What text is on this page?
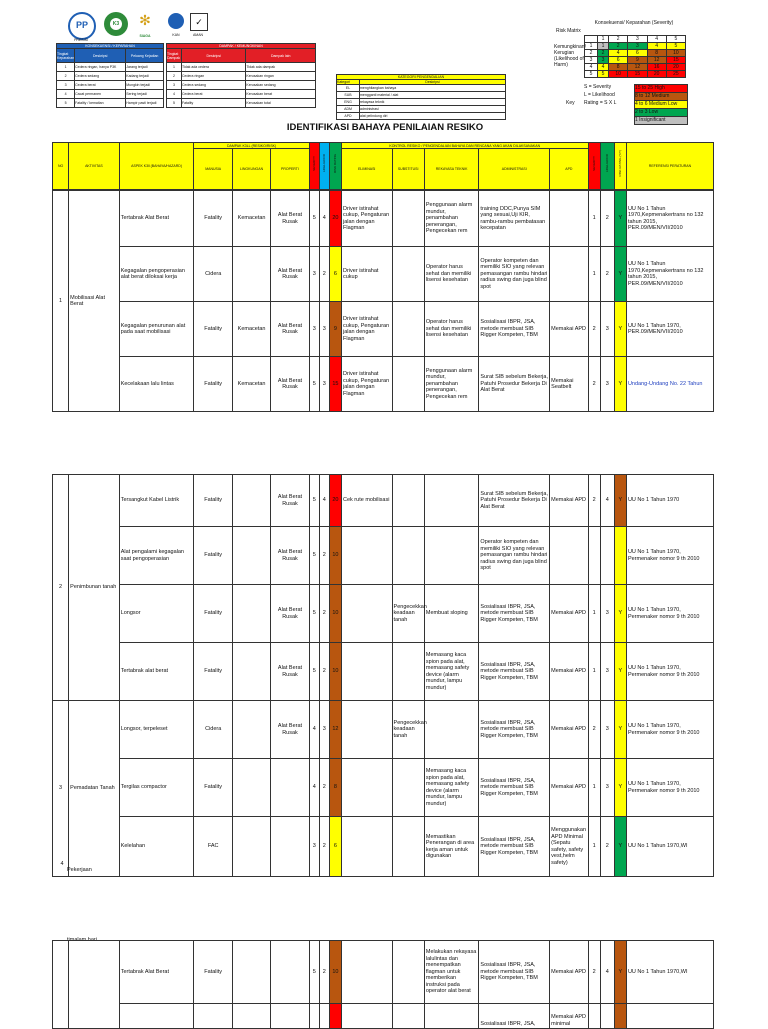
PP
PRESISI
K3	✻
SIAGA	KAN
✓
AMAN
KONSEKUENSI / KEPARAHAN		
Tingkat Keparahan	Deskripsi	Peluang Kejadian
1	Cedera ringan, hanya P3K	Jarang terjadi
2	Cedera sedang	Kadang terjadi
3	Cedera berat	Mungkin terjadi
4	Cacat permanen	Sering terjadi
5	Fatality / kematian	Hampir pasti terjadi
DAMPAK / KEMUNGKINAN		
Tingkat Dampak	Deskripsi	Dampak lain
1	Tidak ada cedera	Tidak ada dampak
2	Cedera ringan	Kerusakan ringan
3	Cedera sedang	Kerusakan sedang
4	Cedera berat	Kerusakan berat
5	Fatality	Kerusakan total
KATEGORI PENGENDALIAN	
Kategori	Deskripsi
EL	menghilangkan bahaya
SUB	mengganti material / alat
ENG	rekayasa teknik
ADM	administrasi
APD	alat pelindung diri
Risk Matrix
Konsekuensi/ Keparahan (Severity)
Kemungkinan/ Kerugian (Likelihood of Harm)
	1	2	3	4	5
1	1	2	3	4	5
2	2	4	6	8	10
3	3	6	9	12	15
4	4	8	12	16	20
5	5	10	15	20	25
Key
S = Severity
L = Likelihood
Rating = S X L
15 to 25 High
8 to 12 Medium
4 to 6 Medium Low
2 to 3 Low
1 Insignificant
IDENTIFIKASI BAHAYA PENILAIAN RESIKO
NO	AKTIVITAS	ASPEK K3ll (BAHAYA/HAZARD)	DAMPAK K3LL (RESIKO/RISK)			SEVERITY	LIKELIHOOD	RISK RATING	KONTROL RESIKO / PENGENDALIAN BAHAYA DAN RENCANA YANG AKAN DILAKSANAKAN					SEVERITY	LIKELIHOOD	RISK RATING (Y/T)	REFERENSI PERATURAN
			MANUSIA	LINGKUNGAN	PROPERTI				ELIMINASI	SUBSTITUSI	REKAYASA TEKNIK	ADMINISTRASI	APD				
1	Mobilisasi Alat Berat	Tertabrak Alat Berat	Fatality	Kemacetan	Alat Berat Rusak	5	4	20	Driver istirahat cukup, Pengaturan jalan dengan Flagman		Penggunaan alarm mundur, penambahan penerangan, Pengecekan rem	training DDC,Punya SIM yang sesuai,Uji KIR, rambu-rambu pembatasan kecepatan		1	2	Y	UU No 1 Tahun 1970,Kepmenakertrans no 132 tahun 2015, PER.09/MEN/VII/2010
		Kegagalan pengoperasian alat berat diloksai kerja	Cidera		Alat Berat Rusak	3	2	6	Driver istirahat cukup		Operator harus sehat dan memiliki lisensi kesehatan	Operator kompeten dan memiliki SIO yang relevan pemasangan rambu hindari radius swing dan juga blind spot		1	2	Y	UU No 1 Tahun 1970,Kepmenakertrans no 132 tahun 2015, PER.09/MEN/VII/2010
		Kegagalan penurunan alat pada saat mobilisasi	Fatality	Kemacetan	Alat Berat Rusak	3	3	9	Driver istirahat cukup, Pengaturan jalan dengan Flagman		Operator harus sehat dan memiliki lisensi kesehatan	Sosialisasi IBPR, JSA, metode membuat SIB Rigger Kompeten, TBM	Memakai APD	2	3	Y	UU No 1 Tahun 1970, PER.09/MEN/VII/2010
		Kecelakaan lalu lintas	Fatality	Kemacetan	Alat Berat Rusak	5	3	15	Driver istirahat cukup, Pengaturan jalan dengan Flagman		Penggunaan alarm mundur, penambahan penerangan, Pengecekan rem	Surat SIB sebelum Bekerja, Patuhi Prosedur Bekerja Di Alat Berat	Memakai Seatbelt	2	3	Y	Undang-Undang No. 22 Tahun
2	Penimbunan tanah	Tersangkut Kabel Listrik	Fatality		Alat Berat Rusak	5	4	20	Cek rute mobilisasi			Surat SIB sebelum Bekerja, Patuhi Prosedur Bekerja Di Alat Berat	Memakai APD	2	4	Y	UU No 1 Tahun 1970
		Alat pengalami kegagalan saat pengoperasian	Fatality		Alat Berat Rusak	5	2	10				Operator kompeten dan memiliki SIO yang relevan pemasangan rambu hindari radius swing dan juga blind spot					UU No 1 Tahun 1970, Permenaker nomor 9 th 2010
		Longsor	Fatality		Alat Berat Rusak	5	2	10		Pengecekkan keadaan tanah	Membuat sloping	Sosialisasi IBPR, JSA, metode membuat SIB Rigger Kompeten, TBM	Memakai APD	1	3	Y	UU No 1 Tahun 1970, Permenaker nomor 9 th 2010
		Tertabrak alat berat	Fatality		Alat Berat Rusak	5	2	10			Memasang kaca spion pada alat, memasang safety device (alarm mundur, lampu mundur)	Sosialisasi IBPR, JSA, metode membuat SIB Rigger Kompeten, TBM	Memakai APD	1	3	Y	UU No 1 Tahun 1970, Permenaker nomor 9 th 2010
3	Pemadatan Tanah	Longsor, terpeleset	Cidera		Alat Berat Rusak	4	3	12		Pengecekkan keadaan tanah		Sosialisasi IBPR, JSA, metode membuat SIB Rigger Kompeten, TBM	Memakai APD	2	3	Y	UU No 1 Tahun 1970, Permenaker nomor 9 th 2010
		Tergilas compactor	Fatality			4	2	8			Memasang kaca spion pada alat, memasang safety device (alarm mundur, lampu mundur)	Sosialisasi IBPR, JSA, metode membuat SIB Rigger Kompeten, TBM	Memakai APD	1	3	Y	UU No 1 Tahun 1970, Permenaker nomor 9 th 2010
		Kelelahan	FAC			3	2	6			Memastikan Penerangan di area kerja aman untuk digunakan	Sosialisasi IBPR, JSA, metode membuat SIB Rigger Kompeten, TBM	Menggunakan APD Minimal (Sepatu safety, safety vest,helm safety)	1	2	Y	UU No 1 Tahun 1970,WI
4
Pekerjaan
timalam hari
		Tertabrak Alat Berat	Fatality			5	2	10			Melakukan rekayasa lalulintas dan menempatkan flagman untuk memberikan instruksi pada operator alat berat	Sosialisasi IBPR, JSA, metode membuat SIB Rigger Kompeten, TBM	Memakai APD	2	4	Y	UU No 1 Tahun 1970,WI
												Sosialisasi IBPR, JSA,	Memakai APD minimal				
